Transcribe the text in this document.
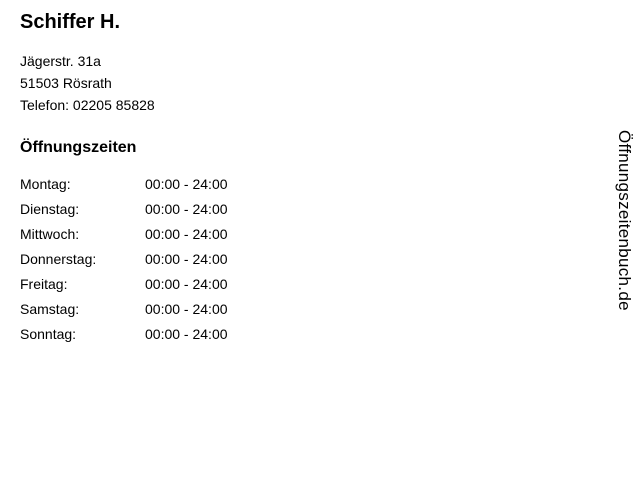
Schiffer H.

Jägerstr. 31a

51503 Rösrath

Telefon: 02205 85828

Öffnungszeiten
Montag:	00:00 - 24:00
Dienstag:	00:00 - 24:00
Mittwoch:	00:00 - 24:00
Donnerstag:	00:00 - 24:00
Freitag:	00:00 - 24:00
Samstag:	00:00 - 24:00
Sonntag:	00:00 - 24:00
Öffnungszeitenbuch.de
